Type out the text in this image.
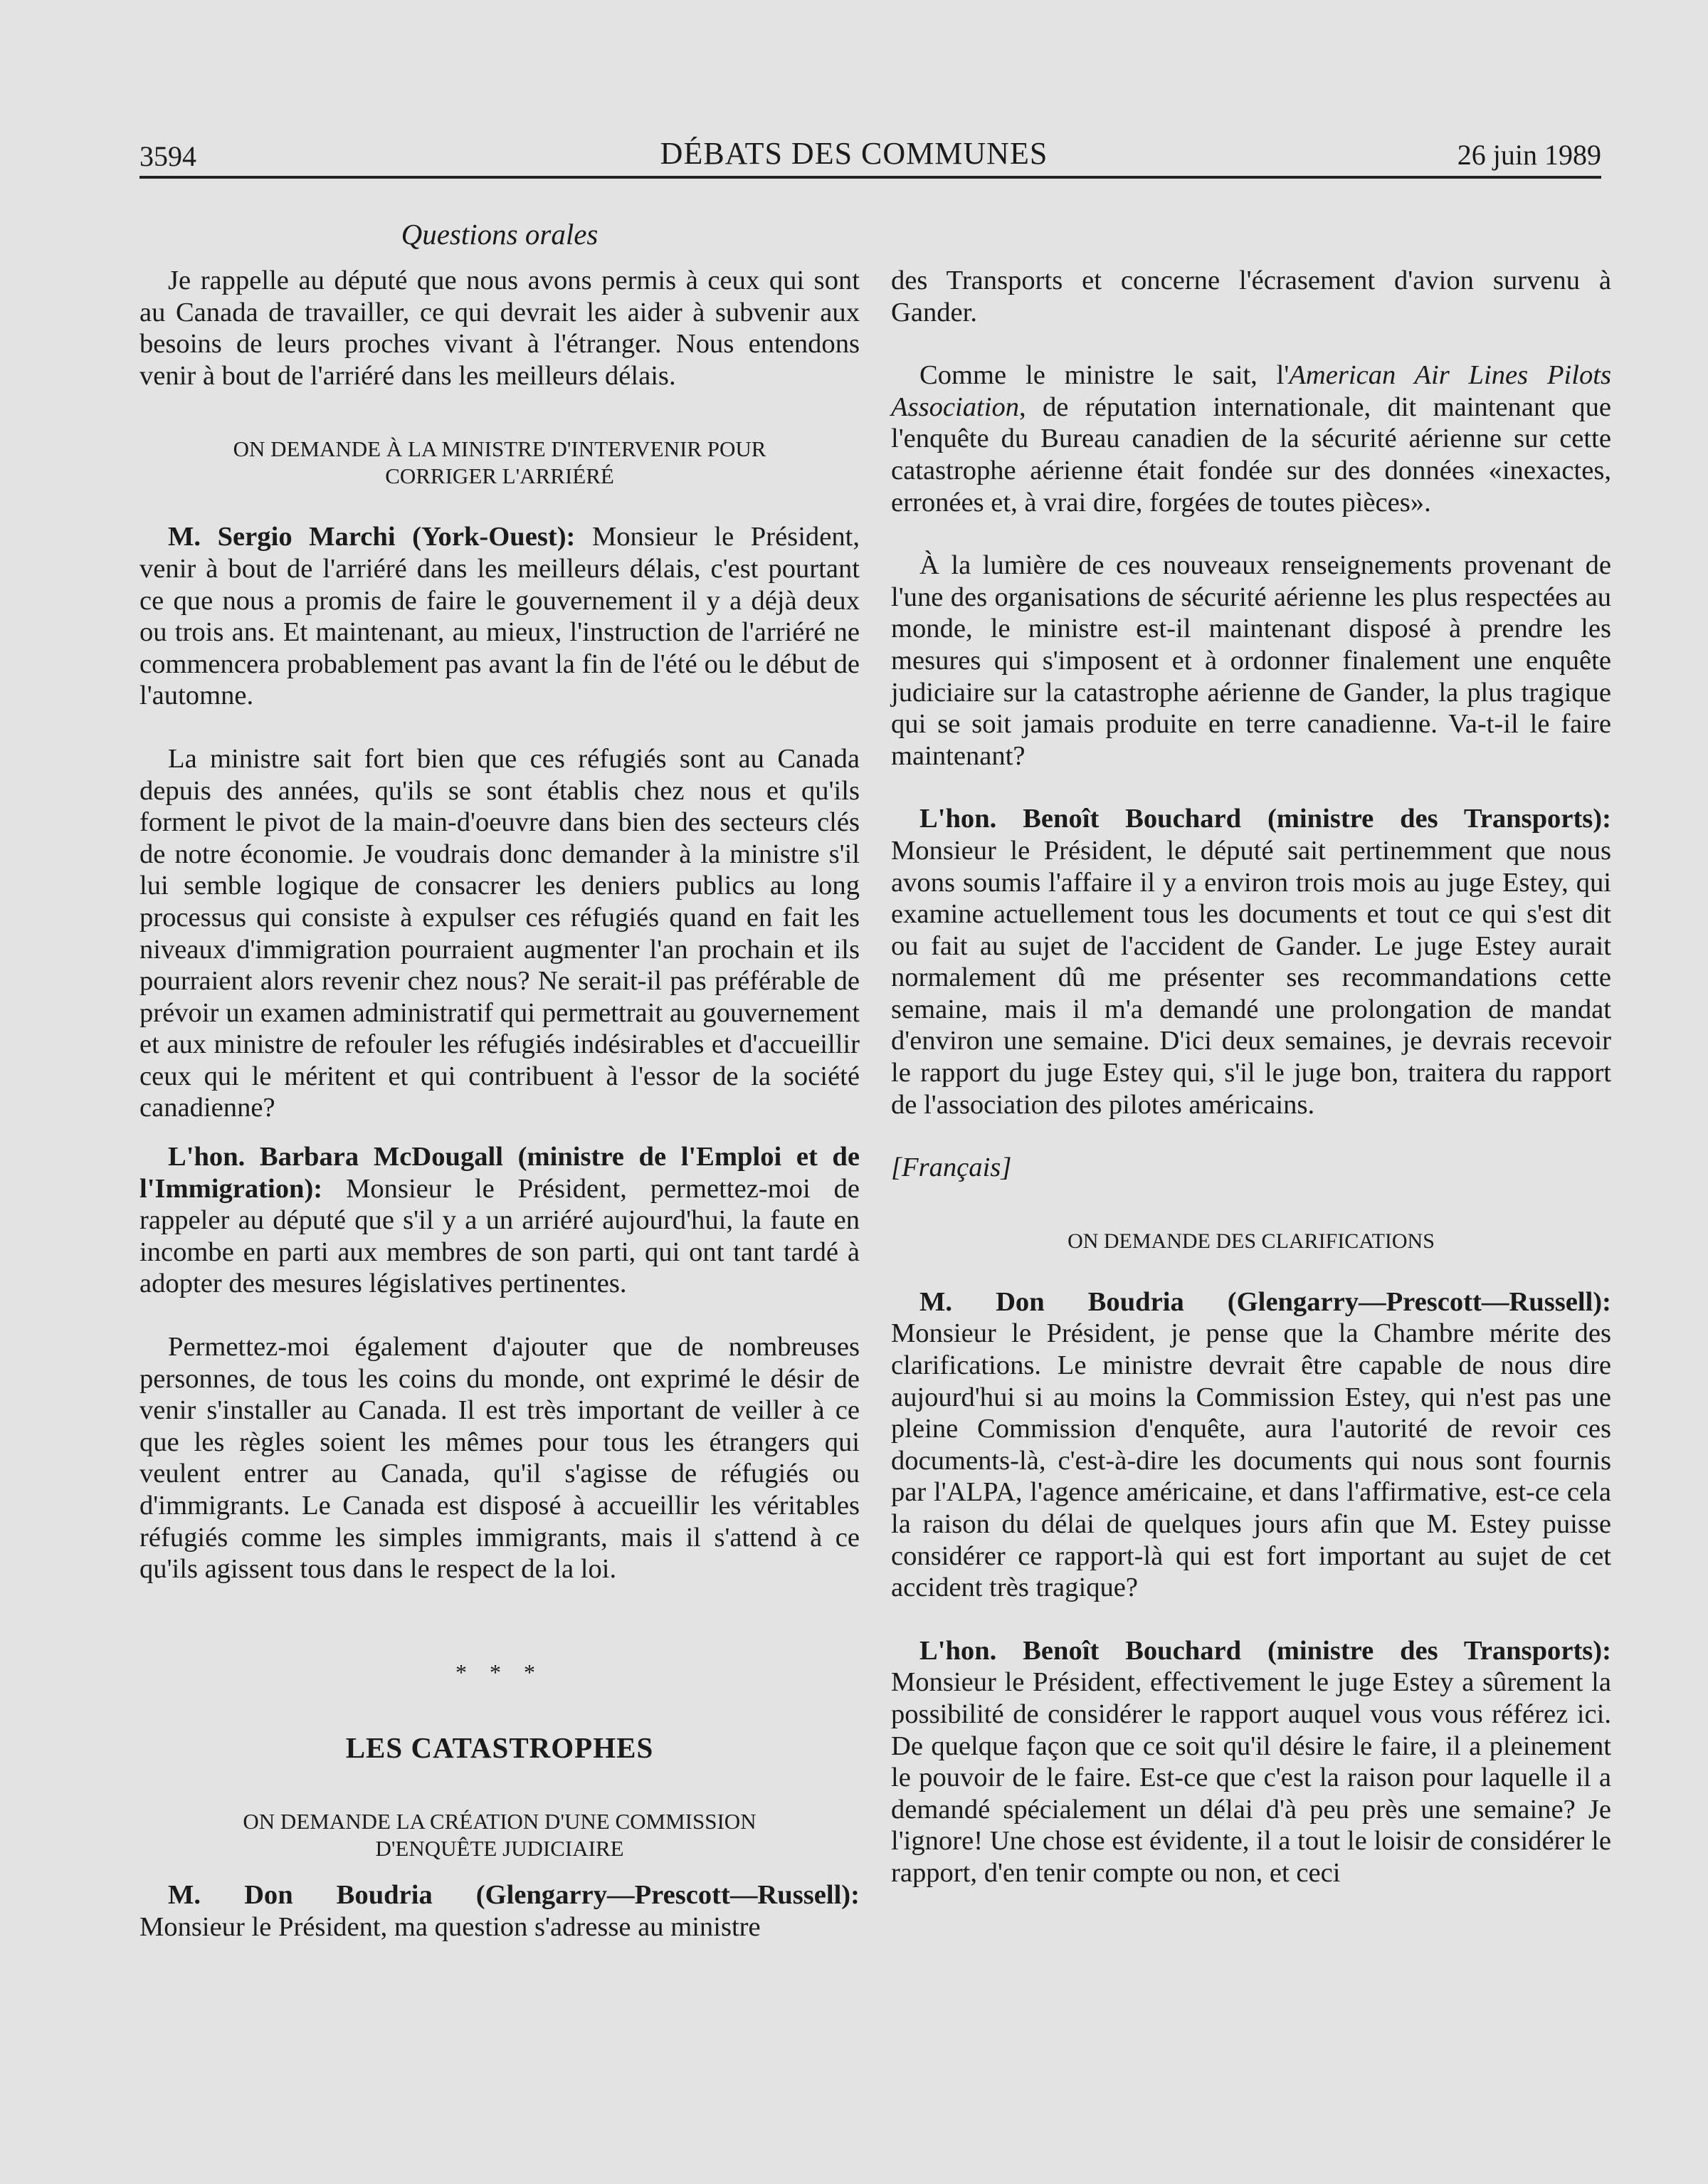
3594	DÉBATS DES COMMUNES	26 juin 1989
Questions orales

Je rappelle au député que nous avons permis à ceux qui sont au Canada de travailler, ce qui devrait les aider à subvenir aux besoins de leurs proches vivant à l'étranger. Nous entendons venir à bout de l'arriéré dans les meilleurs délais.

ON DEMANDE À LA MINISTRE D'INTERVENIR POUR
CORRIGER L'ARRIÉRÉ

M. Sergio Marchi (York-Ouest): Monsieur le Président, venir à bout de l'arriéré dans les meilleurs délais, c'est pourtant ce que nous a promis de faire le gouvernement il y a déjà deux ou trois ans. Et maintenant, au mieux, l'instruction de l'arriéré ne commencera probablement pas avant la fin de l'été ou le début de l'automne.

La ministre sait fort bien que ces réfugiés sont au Canada depuis des années, qu'ils se sont établis chez nous et qu'ils forment le pivot de la main-d'oeuvre dans bien des secteurs clés de notre économie. Je voudrais donc demander à la ministre s'il lui semble logique de consacrer les deniers publics au long processus qui consiste à expulser ces réfugiés quand en fait les niveaux d'immigration pourraient augmenter l'an prochain et ils pourraient alors revenir chez nous? Ne serait-il pas préférable de prévoir un examen administratif qui permettrait au gouvernement et aux ministre de refouler les réfugiés indésirables et d'accueillir ceux qui le méritent et qui contribuent à l'essor de la société canadienne?

L'hon. Barbara McDougall (ministre de l'Emploi et de l'Immigration): Monsieur le Président, permettez-moi de rappeler au député que s'il y a un arriéré aujourd'hui, la faute en incombe en parti aux membres de son parti, qui ont tant tardé à adopter des mesures législatives pertinentes.

Permettez-moi également d'ajouter que de nombreuses personnes, de tous les coins du monde, ont exprimé le désir de venir s'installer au Canada. Il est très important de veiller à ce que les règles soient les mêmes pour tous les étrangers qui veulent entrer au Canada, qu'il s'agisse de réfugiés ou d'immigrants. Le Canada est disposé à accueillir les véritables réfugiés comme les simples immigrants, mais il s'attend à ce qu'ils agissent tous dans le respect de la loi.

* * *

LES CATASTROPHES

ON DEMANDE LA CRÉATION D'UNE COMMISSION
D'ENQUÊTE JUDICIAIRE

M. Don Boudria (Glengarry—Prescott—Russell): Monsieur le Président, ma question s'adresse au ministre

des Transports et concerne l'écrasement d'avion survenu à Gander.

Comme le ministre le sait, l'American Air Lines Pilots Association, de réputation internationale, dit maintenant que l'enquête du Bureau canadien de la sécurité aérienne sur cette catastrophe aérienne était fondée sur des données «inexactes, erronées et, à vrai dire, forgées de toutes pièces».

À la lumière de ces nouveaux renseignements provenant de l'une des organisations de sécurité aérienne les plus respectées au monde, le ministre est-il maintenant disposé à prendre les mesures qui s'imposent et à ordonner finalement une enquête judiciaire sur la catastrophe aérienne de Gander, la plus tragique qui se soit jamais produite en terre canadienne. Va-t-il le faire maintenant?

L'hon. Benoît Bouchard (ministre des Transports): Monsieur le Président, le député sait pertinemment que nous avons soumis l'affaire il y a environ trois mois au juge Estey, qui examine actuellement tous les documents et tout ce qui s'est dit ou fait au sujet de l'accident de Gander. Le juge Estey aurait normalement dû me présenter ses recommandations cette semaine, mais il m'a demandé une prolongation de mandat d'environ une semaine. D'ici deux semaines, je devrais recevoir le rapport du juge Estey qui, s'il le juge bon, traitera du rapport de l'association des pilotes américains.

[Français]

ON DEMANDE DES CLARIFICATIONS

M. Don Boudria (Glengarry—Prescott—Russell): Monsieur le Président, je pense que la Chambre mérite des clarifications. Le ministre devrait être capable de nous dire aujourd'hui si au moins la Commission Estey, qui n'est pas une pleine Commission d'enquête, aura l'autorité de revoir ces documents-là, c'est-à-dire les documents qui nous sont fournis par l'ALPA, l'agence américaine, et dans l'affirmative, est-ce cela la raison du délai de quelques jours afin que M. Estey puisse considérer ce rapport-là qui est fort important au sujet de cet accident très tragique?

L'hon. Benoît Bouchard (ministre des Transports): Monsieur le Président, effectivement le juge Estey a sûrement la possibilité de considérer le rapport auquel vous vous référez ici. De quelque façon que ce soit qu'il désire le faire, il a pleinement le pouvoir de le faire. Est-ce que c'est la raison pour laquelle il a demandé spécialement un délai d'à peu près une semaine? Je l'ignore! Une chose est évidente, il a tout le loisir de considérer le rapport, d'en tenir compte ou non, et ceci
